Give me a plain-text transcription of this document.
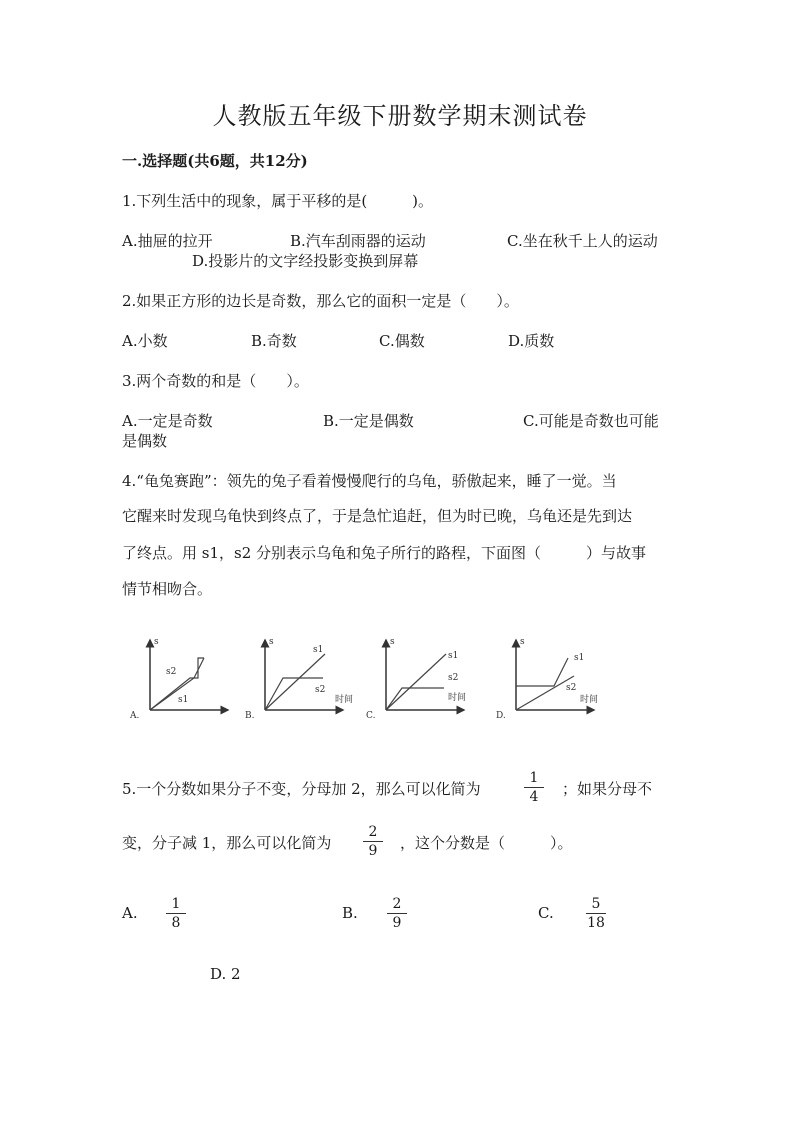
人教版五年级下册数学期末测试卷
一.选择题(共6题，共12分)
1.下列生活中的现象，属于平移的是(　　　)。
A.抽屉的拉开	B.汽车刮雨器的运动	C.坐在秋千上人的运动
D.投影片的文字经投影变换到屏幕
2.如果正方形的边长是奇数，那么它的面积一定是（　　）。
A.小数	B.奇数	C.偶数	D.质数
3.两个奇数的和是（　　）。
A.一定是奇数	B.一定是偶数	C.可能是奇数也可能
是偶数
4.“龟兔赛跑”：领先的兔子看着慢慢爬行的乌龟，骄傲起来，睡了一觉。当
它醒来时发现乌龟快到终点了，于是急忙追赶，但为时已晚，乌龟还是先到达
了终点。用 s1，s2 分别表示乌龟和兔子所行的路程，下面图（　　　）与故事
情节相吻合。
A.
s
s2
s1
B.
s
s1
s2
时间
C.
s
s1
s2
时间
D.
s
s1
s2
时间
5.一个分数如果分子不变，分母加 2，那么可以化简为
1
4	；如果分母不
变，分子减 1，那么可以化简为
2
9	，这个分数是（　　　）。
A.	1
8
B.	2
9
C.	5
18
D. 2
